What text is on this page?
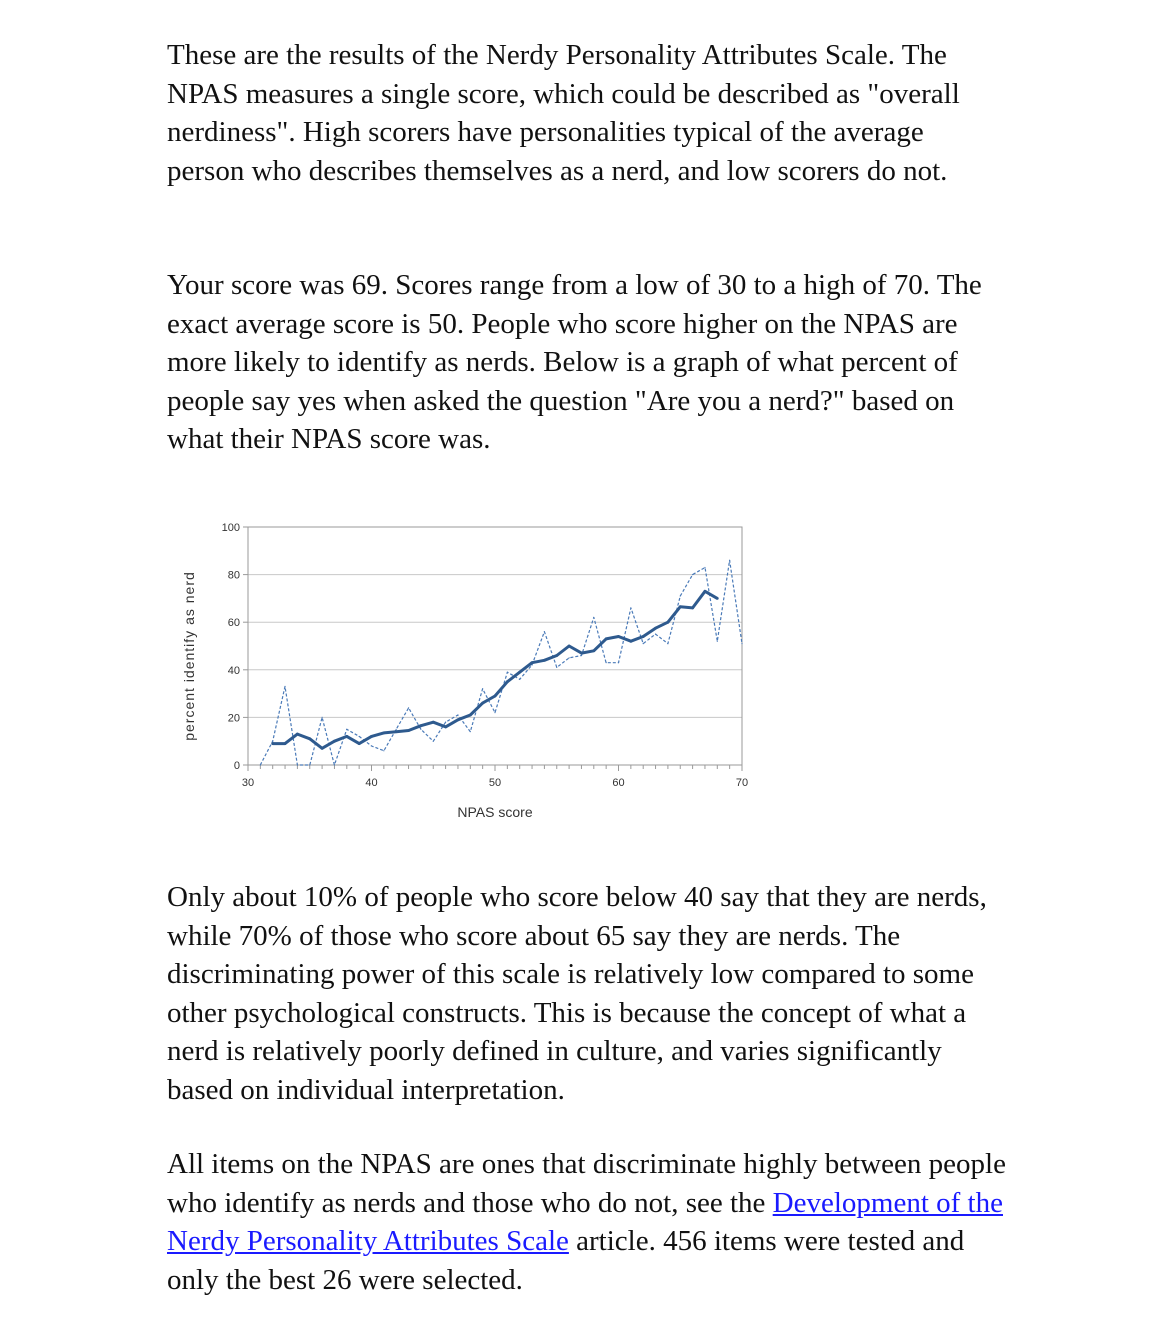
These are the results of the Nerdy Personality Attributes Scale. The NPAS measures a single score, which could be described as "overall nerdiness". High scorers have personalities typical of the average person who describes themselves as a nerd, and low scorers do not.

Your score was 69. Scores range from a low of 30 to a high of 70. The exact average score is 50. People who score higher on the NPAS are more likely to identify as nerds. Below is a graph of what percent of people say yes when asked the question "Are you a nerd?" based on what their NPAS score was.

0
20
40
60
80
100
30	40	50	60	70
NPAS score
percent identify as nerd

Only about 10% of people who score below 40 say that they are nerds, while 70% of those who score about 65 say they are nerds. The discriminating power of this scale is relatively low compared to some other psychological constructs. This is because the concept of what a nerd is relatively poorly defined in culture, and varies significantly based on individual interpretation.

All items on the NPAS are ones that discriminate highly between people who identify as nerds and those who do not, see the Development of the Nerdy Personality Attributes Scale article. 456 items were tested and only the best 26 were selected.
